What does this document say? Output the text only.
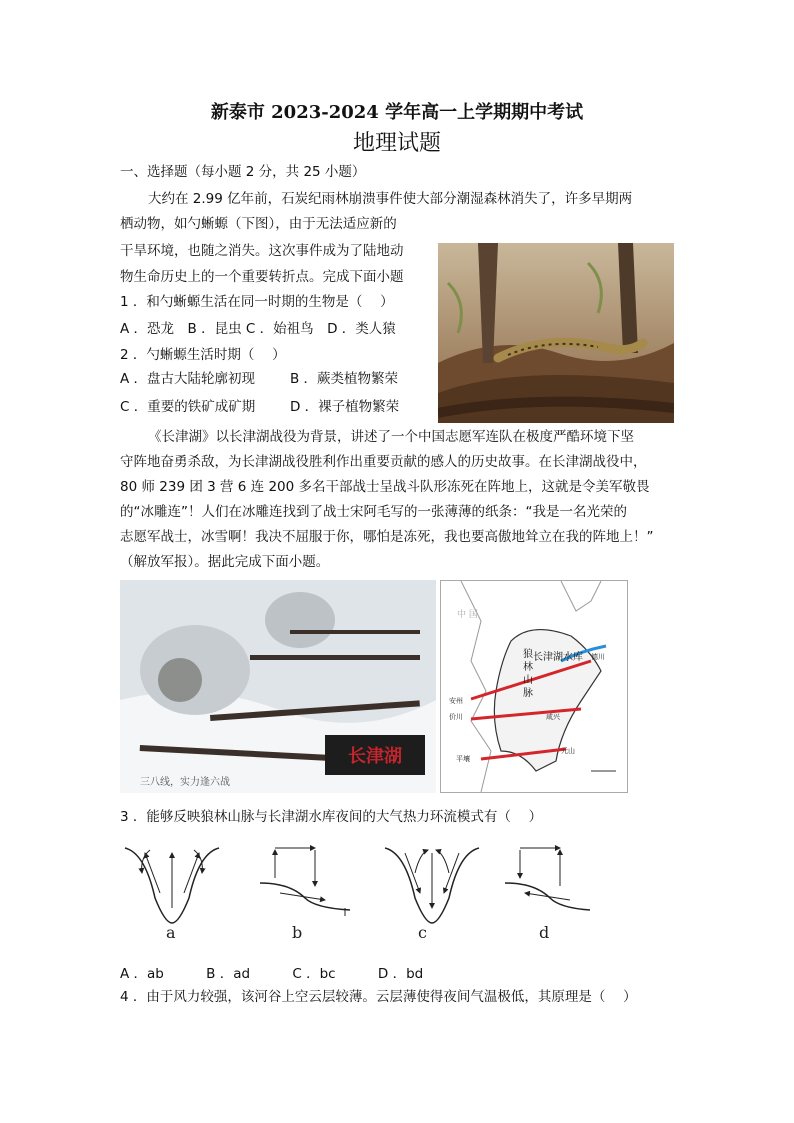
新泰市 2023-2024 学年高一上学期期中考试
地理试题
一、选择题（每小题 2 分，共 25 小题）
大约在 2.99 亿年前，石炭纪雨林崩溃事件使大部分潮湿森林消失了，许多早期两
栖动物，如勺蜥螈（下图），由于无法适应新的
干旱环境，也随之消失。这次事件成为了陆地动
物生命历史上的一个重要转折点。完成下面小题
1 ．和勺蜥螈生活在同一时期的生物是（　 ）
A ．恐龙　B ．昆虫 C ．始祖鸟　D ．类人猿
2 ．勺蜥螈生活时期（　 ）
A ．盘古大陆轮廓初现	B ．蕨类植物繁荣
C ．重要的铁矿成矿期	D ．裸子植物繁荣
《长津湖》以长津湖战役为背景，讲述了一个中国志愿军连队在极度严酷环境下坚
守阵地奋勇杀敌，为长津湖战役胜利作出重要贡献的感人的历史故事。在长津湖战役中，
80 师 239 团 3 营 6 连 200 多名干部战士呈战斗队形冻死在阵地上，这就是令美军敬畏
的“冰雕连”！人们在冰雕连找到了战士宋阿毛写的一张薄薄的纸条：“我是一名光荣的
志愿军战士，冰雪啊！我决不屈服于你，哪怕是冻死，我也要高傲地耸立在我的阵地上！”
（解放军报）。据此完成下面小题。
长津湖
三八线，实力逢六战
中 国
长津湖水库
狼
林
山
脉
安州
价川
平壤
咸兴
元山
德川
3 ．能够反映狼林山脉与长津湖水库夜间的大气热力环流模式有（　 ）
a	b	c	d
A ．ab	B ．ad	C ．bc	D ．bd
4 ．由于风力较强，该河谷上空云层较薄。云层薄使得夜间气温极低，其原理是（　 ）
